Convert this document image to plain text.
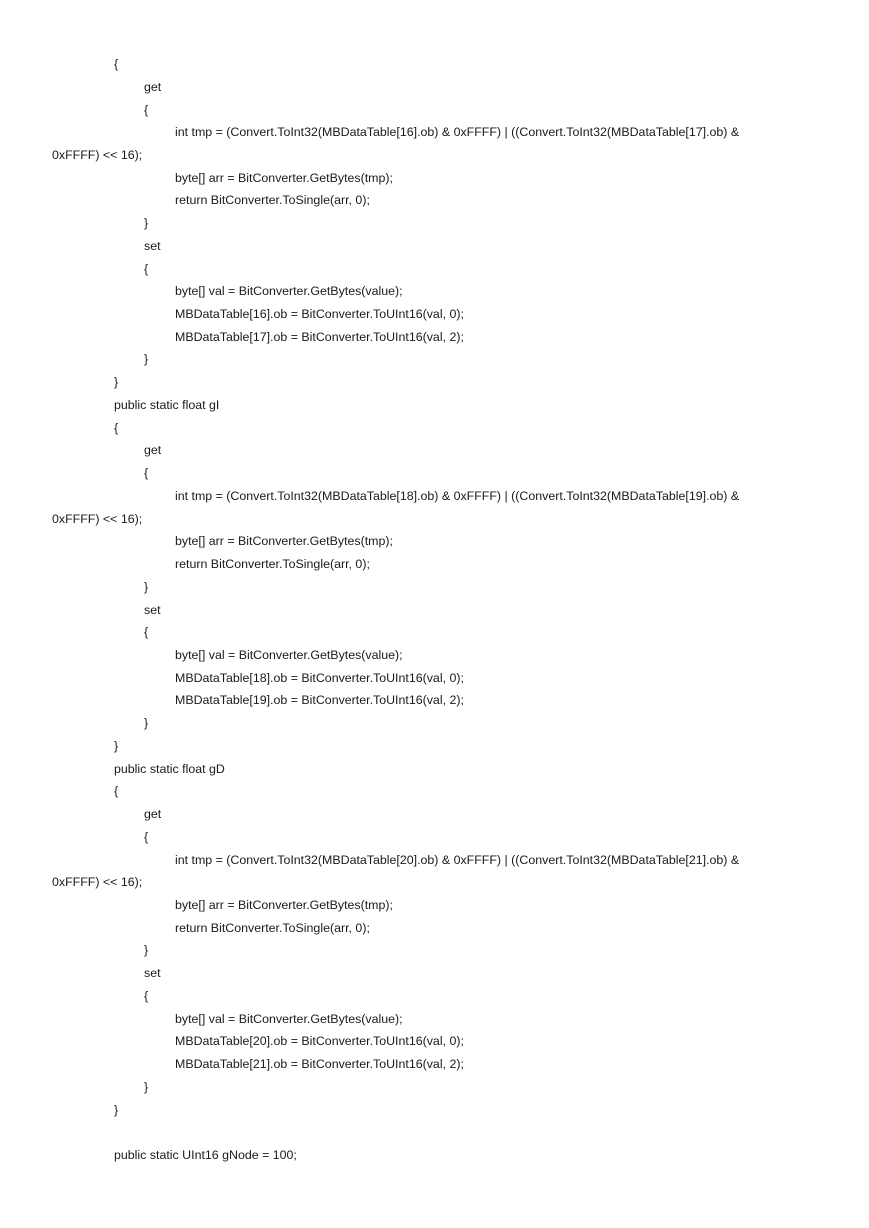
{
get
{
int tmp = (Convert.ToInt32(MBDataTable[16].ob) & 0xFFFF) | ((Convert.ToInt32(MBDataTable[17].ob) &
0xFFFF) << 16);
byte[] arr = BitConverter.GetBytes(tmp);
return BitConverter.ToSingle(arr, 0);
}
set
{
byte[] val = BitConverter.GetBytes(value);
MBDataTable[16].ob = BitConverter.ToUInt16(val, 0);
MBDataTable[17].ob = BitConverter.ToUInt16(val, 2);
}
}
public static float gI
{
get
{
int tmp = (Convert.ToInt32(MBDataTable[18].ob) & 0xFFFF) | ((Convert.ToInt32(MBDataTable[19].ob) &
0xFFFF) << 16);
byte[] arr = BitConverter.GetBytes(tmp);
return BitConverter.ToSingle(arr, 0);
}
set
{
byte[] val = BitConverter.GetBytes(value);
MBDataTable[18].ob = BitConverter.ToUInt16(val, 0);
MBDataTable[19].ob = BitConverter.ToUInt16(val, 2);
}
}
public static float gD
{
get
{
int tmp = (Convert.ToInt32(MBDataTable[20].ob) & 0xFFFF) | ((Convert.ToInt32(MBDataTable[21].ob) &
0xFFFF) << 16);
byte[] arr = BitConverter.GetBytes(tmp);
return BitConverter.ToSingle(arr, 0);
}
set
{
byte[] val = BitConverter.GetBytes(value);
MBDataTable[20].ob = BitConverter.ToUInt16(val, 0);
MBDataTable[21].ob = BitConverter.ToUInt16(val, 2);
}
}
public static UInt16 gNode = 100;
